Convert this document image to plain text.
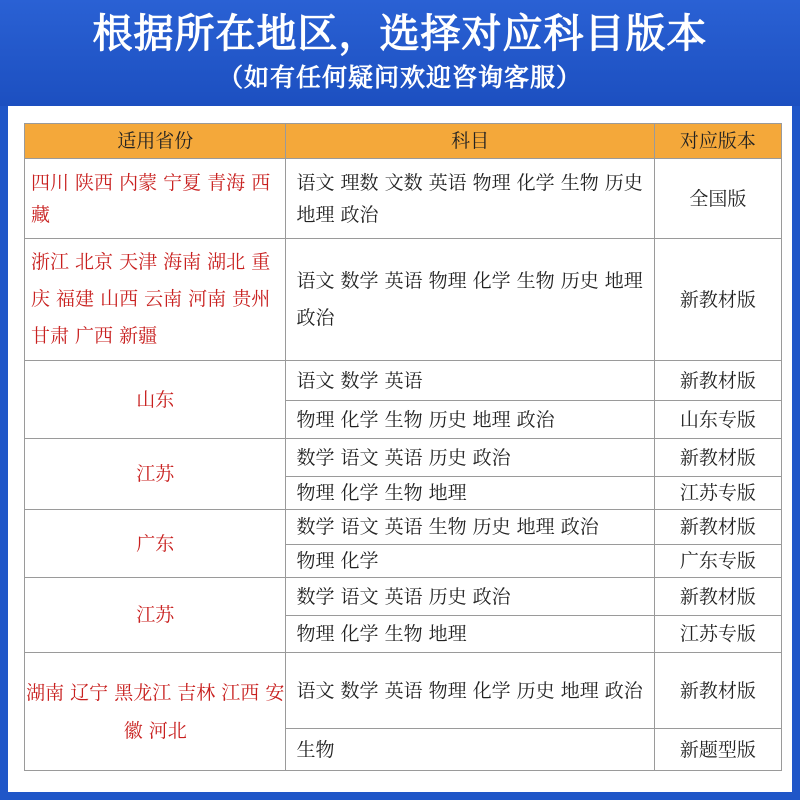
根据所在地区，选择对应科目版本
（如有任何疑问欢迎咨询客服）
适用省份	科目	对应版本
四川 陕西 内蒙 宁夏 青海 西藏	语文 理数 文数 英语 物理 化学 生物 历史 地理 政治	全国版
浙江 北京 天津 海南 湖北 重庆 福建 山西 云南 河南 贵州 甘肃 广西 新疆	语文 数学 英语 物理 化学 生物 历史 地理 政治	新教材版
山东	语文 数学 英语	新教材版
	物理 化学 生物 历史 地理 政治	山东专版
江苏	数学 语文 英语 历史 政治	新教材版
	物理 化学 生物 地理	江苏专版
广东	数学 语文 英语 生物 历史 地理 政治	新教材版
	物理 化学	广东专版
江苏	数学 语文 英语 历史 政治	新教材版
	物理 化学 生物 地理	江苏专版
湖南 辽宁 黑龙江 吉林 江西 安徽 河北	语文 数学 英语 物理 化学 历史 地理 政治	新教材版
	生物	新题型版
